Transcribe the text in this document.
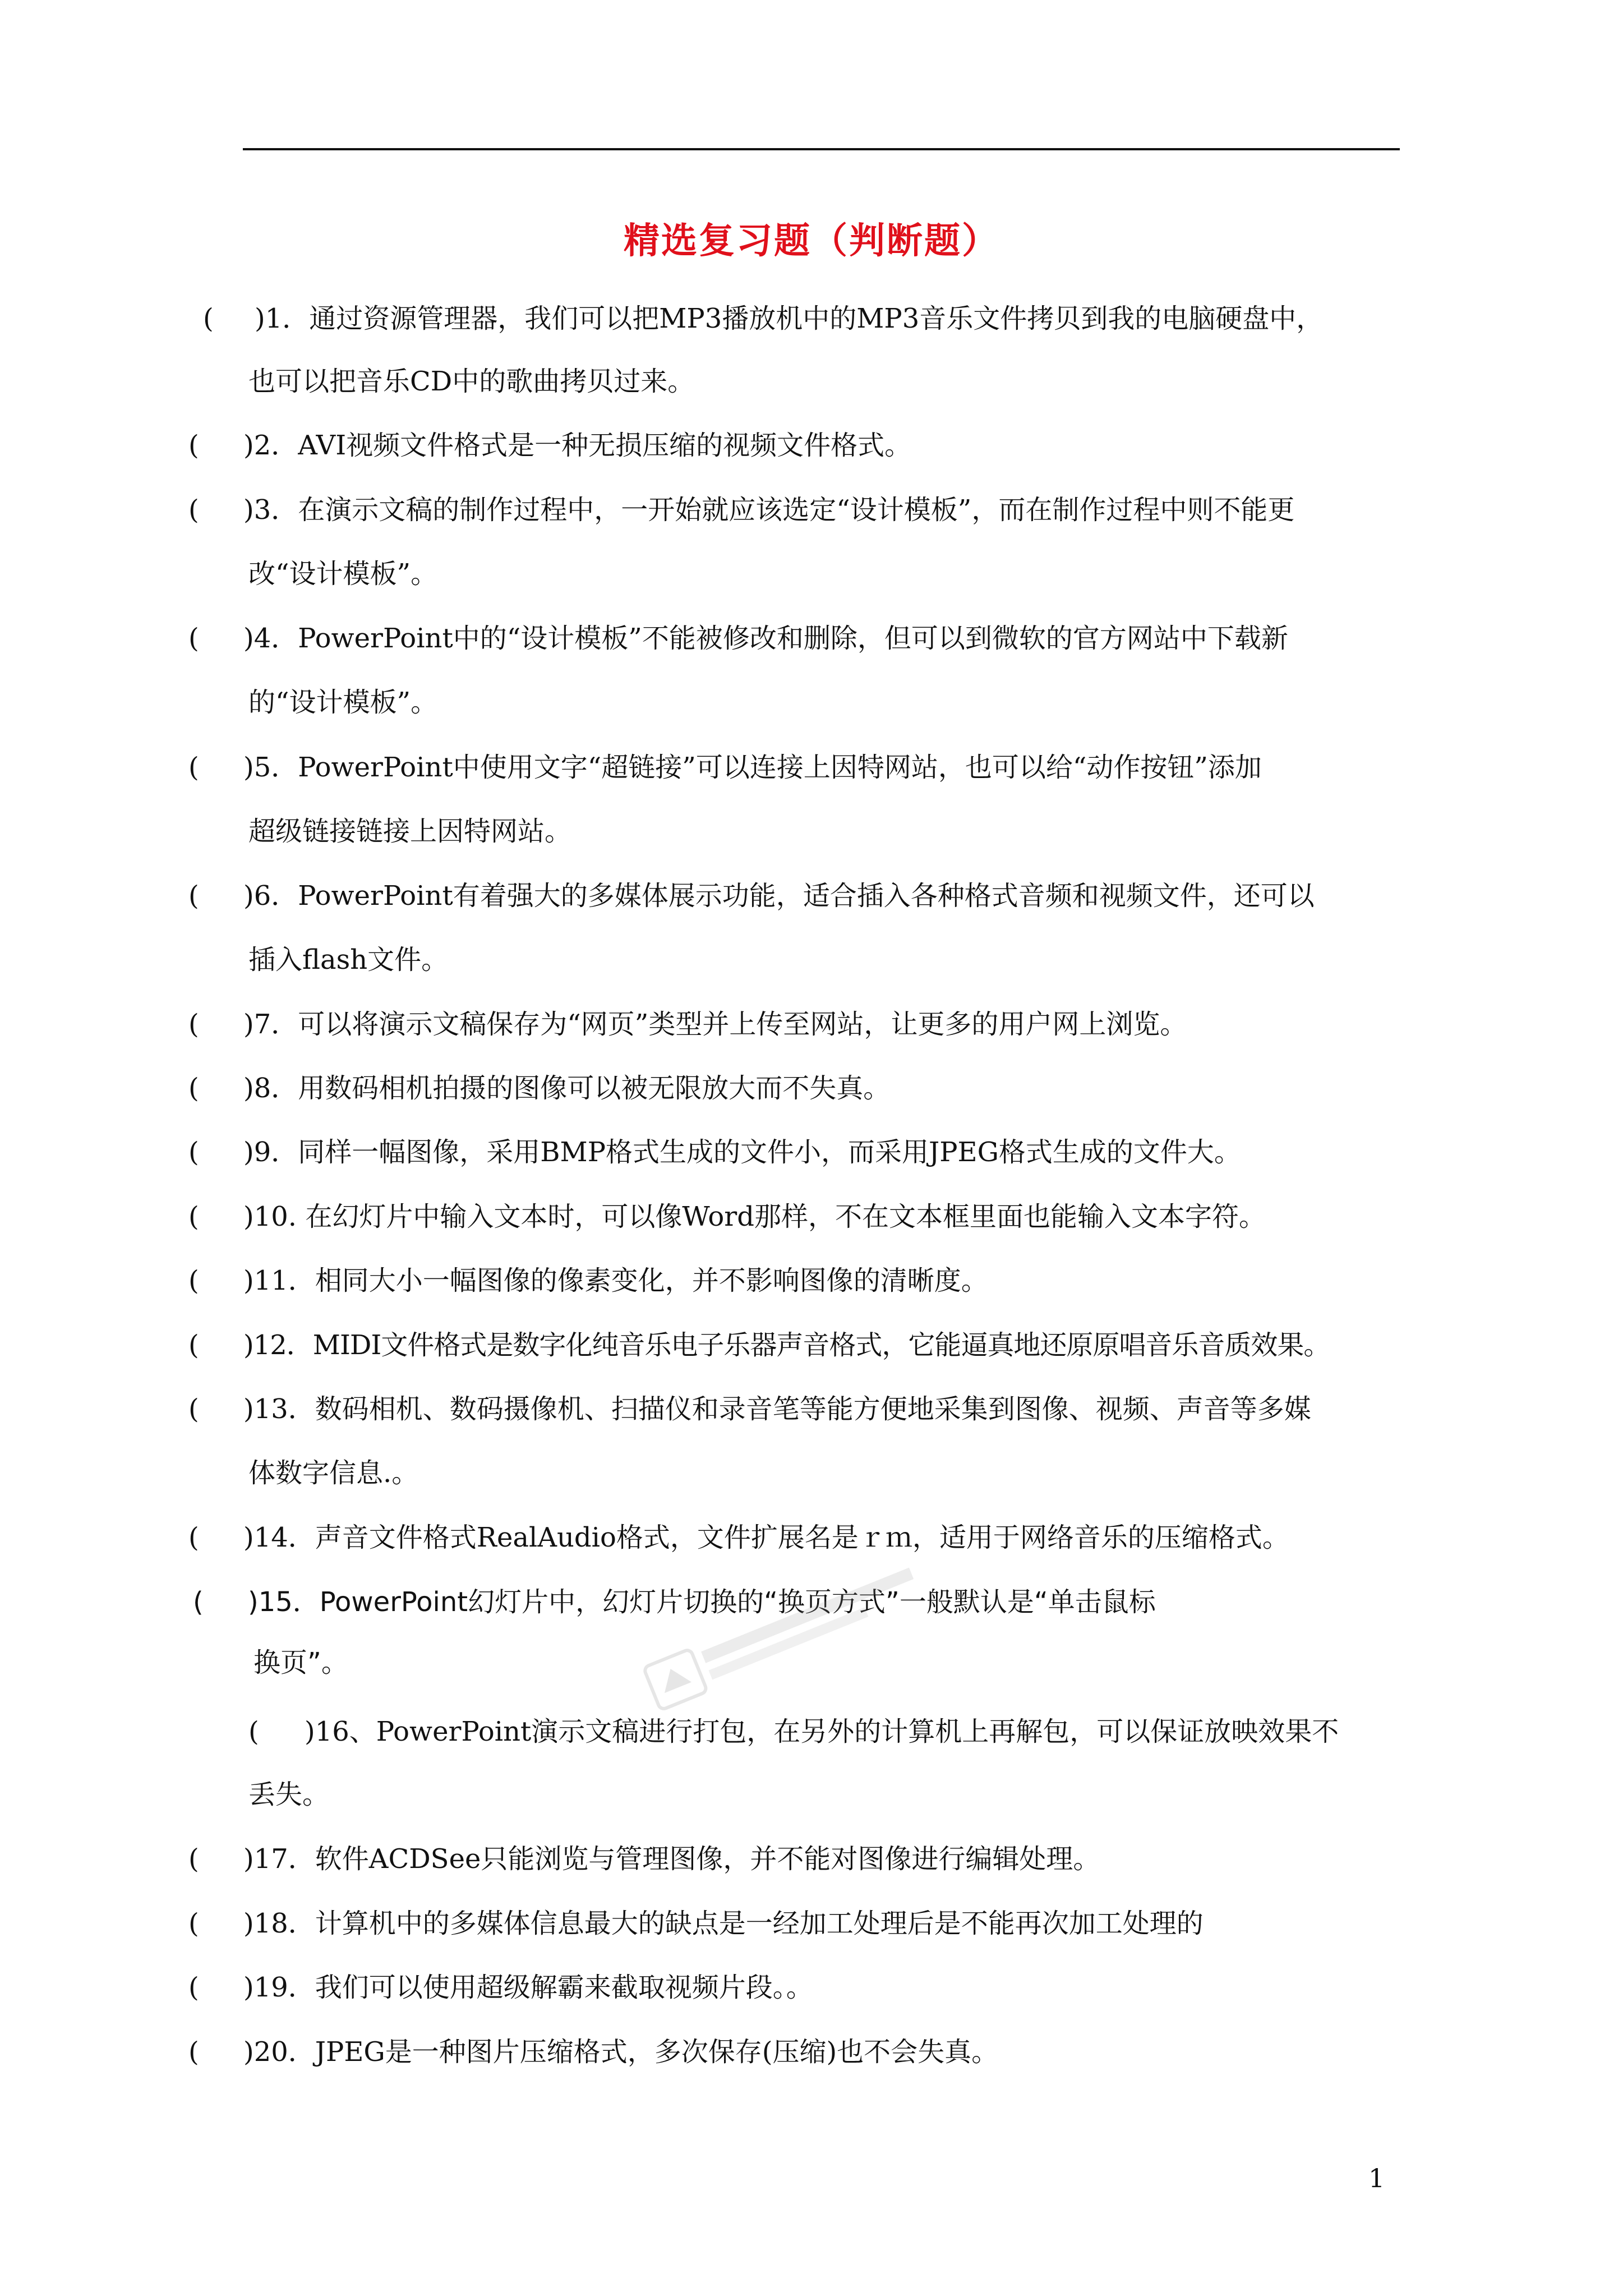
精选复习题（判断题）
( )1．通过资源管理器，我们可以把MP3播放机中的MP3音乐文件拷贝到我的电脑硬盘中，
也可以把音乐CD中的歌曲拷贝过来。
( )2．AVI视频文件格式是一种无损压缩的视频文件格式。
( )3．在演示文稿的制作过程中，一开始就应该选定“设计模板”，而在制作过程中则不能更
改“设计模板”。
( )4．PowerPoint中的“设计模板”不能被修改和删除，但可以到微软的官方网站中下载新
的“设计模板”。
( )5．PowerPoint中使用文字“超链接”可以连接上因特网站，也可以给“动作按钮”添加
超级链接链接上因特网站。
( )6．PowerPoint有着强大的多媒体展示功能，适合插入各种格式音频和视频文件，还可以
插入flash文件。
( )7．可以将演示文稿保存为“网页”类型并上传至网站，让更多的用户网上浏览。
( )8．用数码相机拍摄的图像可以被无限放大而不失真。
( )9．同样一幅图像，采用BMP格式生成的文件小，而采用JPEG格式生成的文件大。
( )10. 在幻灯片中输入文本时，可以像Word那样，不在文本框里面也能输入文本字符。
( )11．相同大小一幅图像的像素变化，并不影响图像的清晰度。
( )12．MIDI文件格式是数字化纯音乐电子乐器声音格式，它能逼真地还原原唱音乐音质效果。
( )13．数码相机、数码摄像机、扫描仪和录音笔等能方便地采集到图像、视频、声音等多媒
体数字信息.。
( )14．声音文件格式RealAudio格式，文件扩展名是ｒｍ，适用于网络音乐的压缩格式。
( )15．PowerPoint幻灯片中，幻灯片切换的“换页方式”一般默认是“单击鼠标
换页”。
( )16、PowerPoint演示文稿进行打包，在另外的计算机上再解包，可以保证放映效果不
丢失。
( )17．软件ACDSee只能浏览与管理图像，并不能对图像进行编辑处理。
( )18．计算机中的多媒体信息最大的缺点是一经加工处理后是不能再次加工处理的
( )19．我们可以使用超级解霸来截取视频片段。。
( )20．JPEG是一种图片压缩格式，多次保存(压缩)也不会失真。
1
